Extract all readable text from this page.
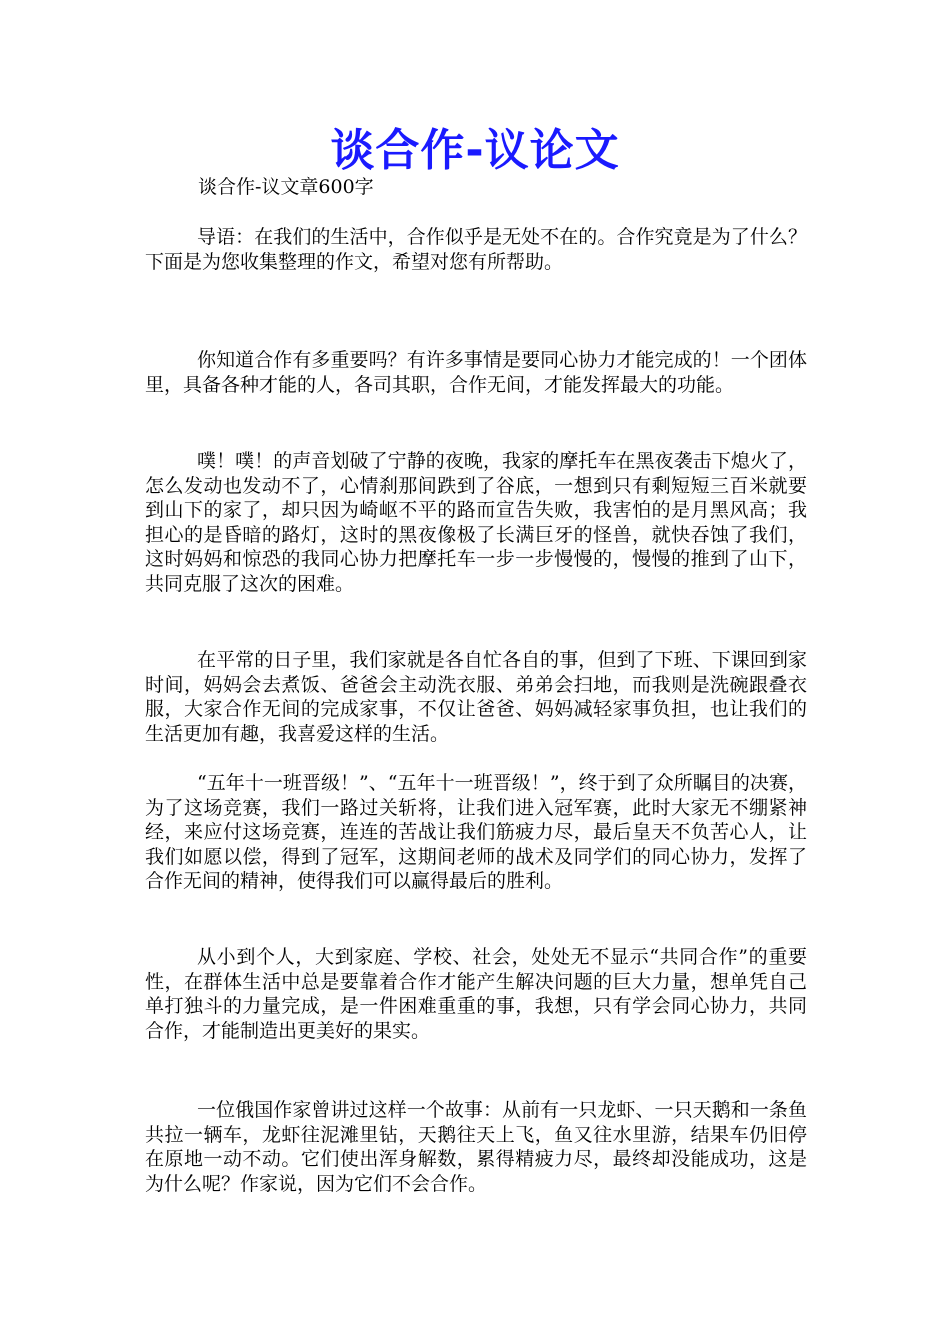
谈合作-议论文
谈合作-议文章600字

导语：在我们的生活中，合作似乎是无处不在的。合作究竟是为了什么？下面是为您收集整理的作文，希望对您有所帮助。

你知道合作有多重要吗？有许多事情是要同心协力才能完成的！一个团体里，具备各种才能的人，各司其职，合作无间，才能发挥最大的功能。

噗！噗！的声音划破了宁静的夜晚，我家的摩托车在黑夜袭击下熄火了，怎么发动也发动不了，心情刹那间跌到了谷底，一想到只有剩短短三百米就要到山下的家了，却只因为崎岖不平的路而宣告失败，我害怕的是月黑风高；我担心的是昏暗的路灯，这时的黑夜像极了长满巨牙的怪兽，就快吞蚀了我们，这时妈妈和惊恐的我同心协力把摩托车一步一步慢慢的，慢慢的推到了山下，共同克服了这次的困难。

在平常的日子里，我们家就是各自忙各自的事，但到了下班、下课回到家时间，妈妈会去煮饭、爸爸会主动洗衣服、弟弟会扫地，而我则是洗碗跟叠衣服，大家合作无间的完成家事，不仅让爸爸、妈妈减轻家事负担，也让我们的生活更加有趣，我喜爱这样的生活。

“五年十一班晋级！”、“五年十一班晋级！”，终于到了众所瞩目的决赛，为了这场竞赛，我们一路过关斩将，让我们进入冠军赛，此时大家无不绷紧神经，来应付这场竞赛，连连的苦战让我们筋疲力尽，最后皇天不负苦心人，让我们如愿以偿，得到了冠军，这期间老师的战术及同学们的同心协力，发挥了合作无间的精神，使得我们可以赢得最后的胜利。

从小到个人，大到家庭、学校、社会，处处无不显示“共同合作”的重要性，在群体生活中总是要靠着合作才能产生解决问题的巨大力量，想单凭自己单打独斗的力量完成，是一件困难重重的事，我想，只有学会同心协力，共同合作，才能制造出更美好的果实。

一位俄国作家曾讲过这样一个故事：从前有一只龙虾、一只天鹅和一条鱼共拉一辆车，龙虾往泥滩里钻，天鹅往天上飞，鱼又往水里游，结果车仍旧停在原地一动不动。它们使出浑身解数，累得精疲力尽，最终却没能成功，这是为什么呢？作家说，因为它们不会合作。
